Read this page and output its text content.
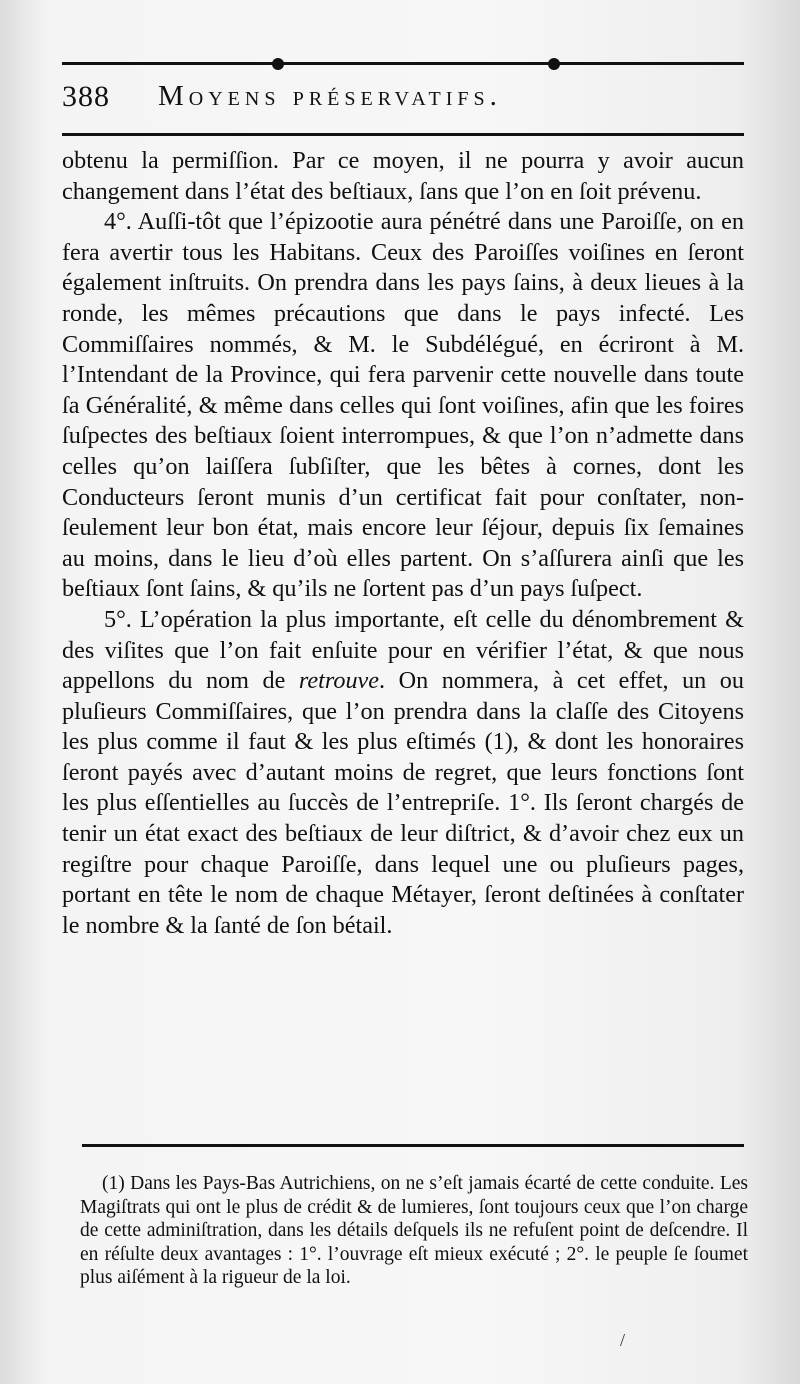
388 Moyens préservatifs.

obtenu la permiſſion. Par ce moyen, il ne pourra y avoir aucun changement dans l’état des beſtiaux, ſans que l’on en ſoit prévenu.

4°. Auſſi-tôt que l’épizootie aura pénétré dans une Paroiſſe, on en fera avertir tous les Habitans. Ceux des Paroiſſes voiſines en ſeront également inſtruits. On prendra dans les pays ſains, à deux lieues à la ronde, les mêmes précautions que dans le pays infecté. Les Commiſſaires nommés, & M. le Subdélégué, en écriront à M. l’Intendant de la Province, qui fera parvenir cette nouvelle dans toute ſa Généralité, & même dans celles qui ſont voiſines, afin que les foires ſuſpectes des beſtiaux ſoient interrompues, & que l’on n’admette dans celles qu’on laiſſera ſubſiſter, que les bêtes à cornes, dont les Conducteurs ſeront munis d’un certificat fait pour conſtater, non-ſeulement leur bon état, mais encore leur ſéjour, depuis ſix ſemaines au moins, dans le lieu d’où elles partent. On s’aſſurera ainſi que les beſtiaux ſont ſains, & qu’ils ne ſortent pas d’un pays ſuſpect.

5°. L’opération la plus importante, eſt celle du dénombrement & des viſites que l’on fait enſuite pour en vérifier l’état, & que nous appellons du nom de retrouve. On nommera, à cet effet, un ou pluſieurs Commiſſaires, que l’on prendra dans la claſſe des Citoyens les plus comme il faut & les plus eſtimés (1), & dont les honoraires ſeront payés avec d’autant moins de regret, que leurs fonctions ſont les plus eſſentielles au ſuccès de l’entrepriſe. 1°. Ils ſeront chargés de tenir un état exact des beſtiaux de leur diſtrict, & d’avoir chez eux un regiſtre pour chaque Paroiſſe, dans lequel une ou pluſieurs pages, portant en tête le nom de chaque Métayer, ſeront deſtinées à conſtater le nombre & la ſanté de ſon bétail.

(1) Dans les Pays-Bas Autrichiens, on ne s’eſt jamais écarté de cette conduite. Les Magiſtrats qui ont le plus de crédit & de lumieres, ſont toujours ceux que l’on charge de cette adminiſtration, dans les détails deſquels ils ne refuſent point de deſcendre. Il en réſulte deux avantages : 1°. l’ouvrage eſt mieux exécuté ; 2°. le peuple ſe ſoumet plus aiſément à la rigueur de la loi.

/
